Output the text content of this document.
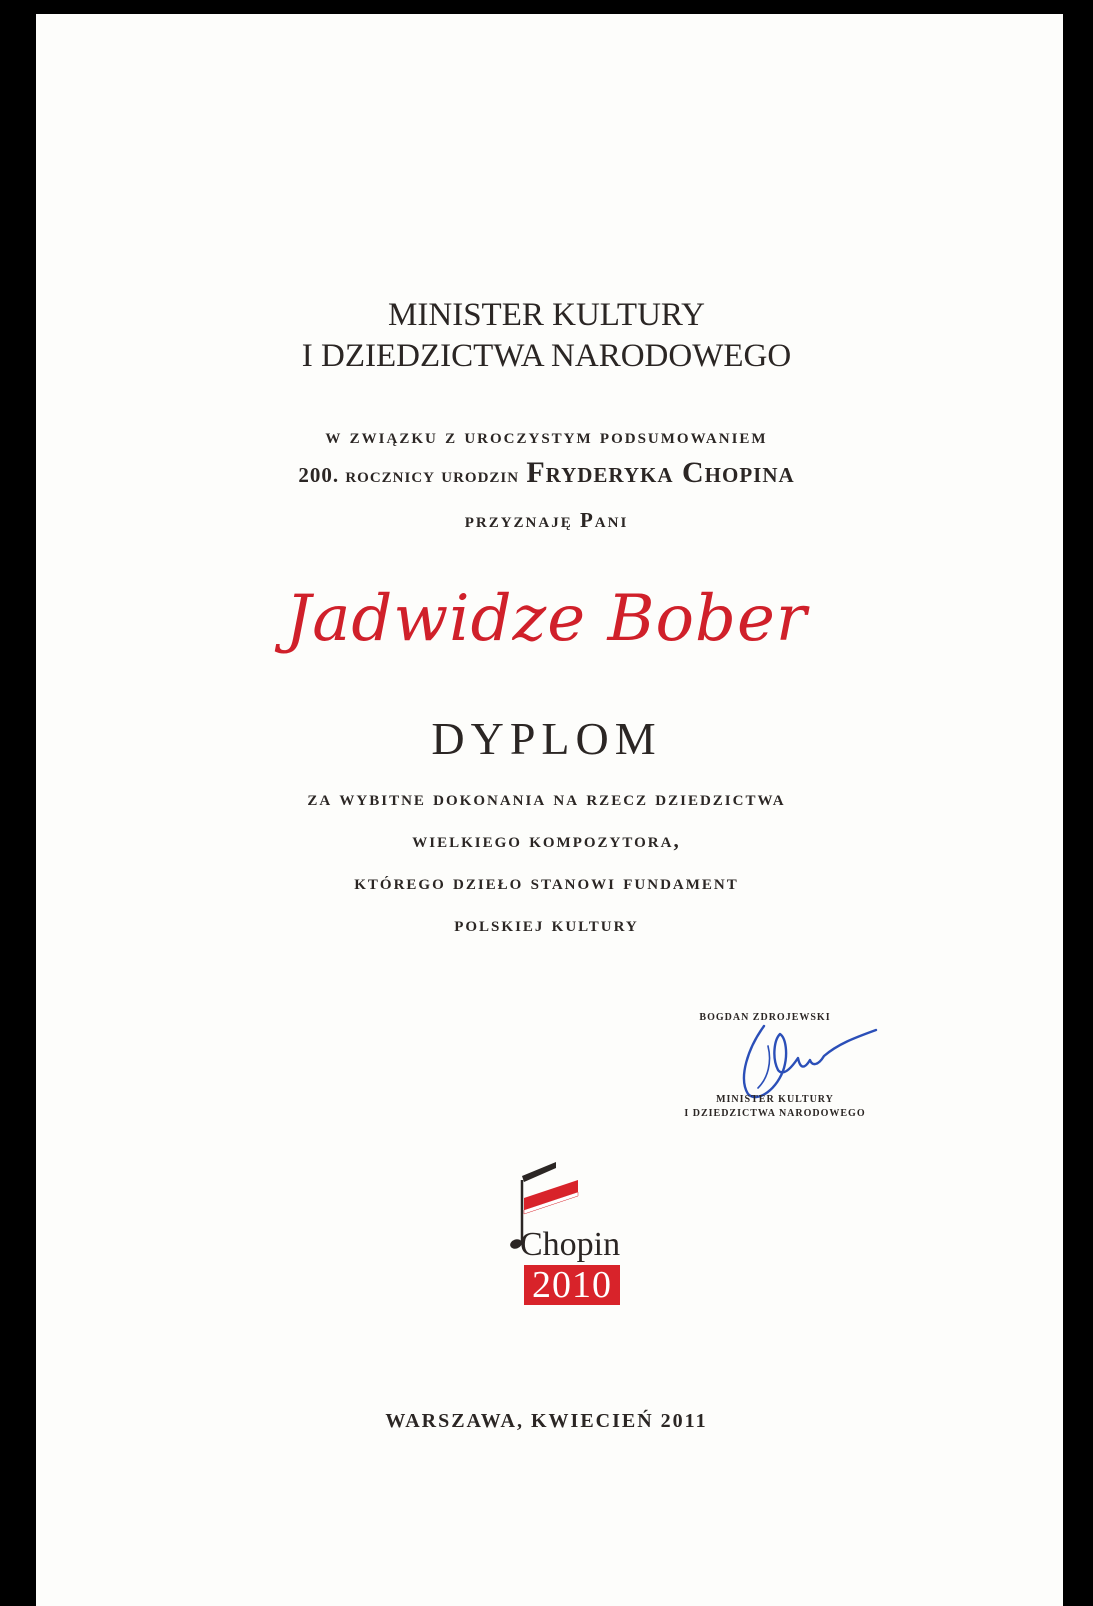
MINISTER KULTURY
I DZIEDZICTWA NARODOWEGO
w związku z uroczystym podsumowaniem
200. rocznicy urodzin Fryderyka Chopina
przyznaję Pani
Jadwidze Bober
DYPLOM
za wybitne dokonania na rzecz dziedzictwa
wielkiego kompozytora,
którego dzieło stanowi fundament
polskiej kultury
BOGDAN ZDROJEWSKI
MINISTER KULTURY
I DZIEDZICTWA NARODOWEGO
Chopin
2010
WARSZAWA, KWIECIEŃ 2011
